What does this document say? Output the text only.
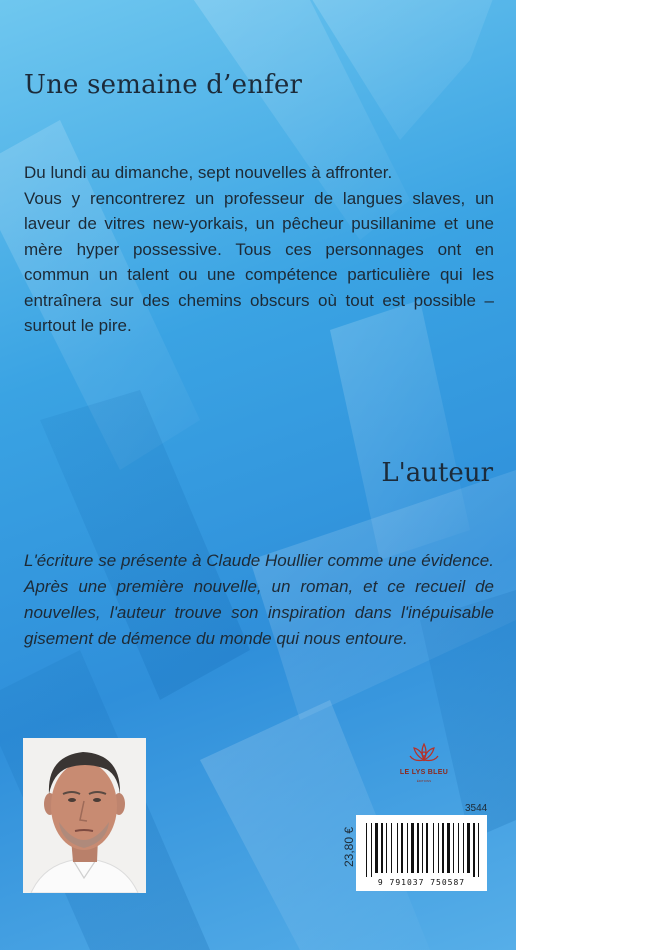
Une semaine d’enfer
Du lundi au dimanche, sept nouvelles à affronter.
Vous y rencontrerez un professeur de langues slaves, un laveur de vitres new-yorkais, un pêcheur pusillanime et une mère hyper possessive. Tous ces personnages ont en commun un talent ou une compétence particulière qui les entraînera sur des chemins obscurs où tout est possible – surtout le pire.
L'auteur

L'écriture se présente à Claude Houllier comme une évidence. Après une première nouvelle, un roman, et ce recueil de nouvelles, l'auteur trouve son inspiration dans l'inépuisable gisement de démence du monde qui nous entoure.

LE LYS BLEU
ÉDITIONS
3544
23,80 €
9 791037 750587
